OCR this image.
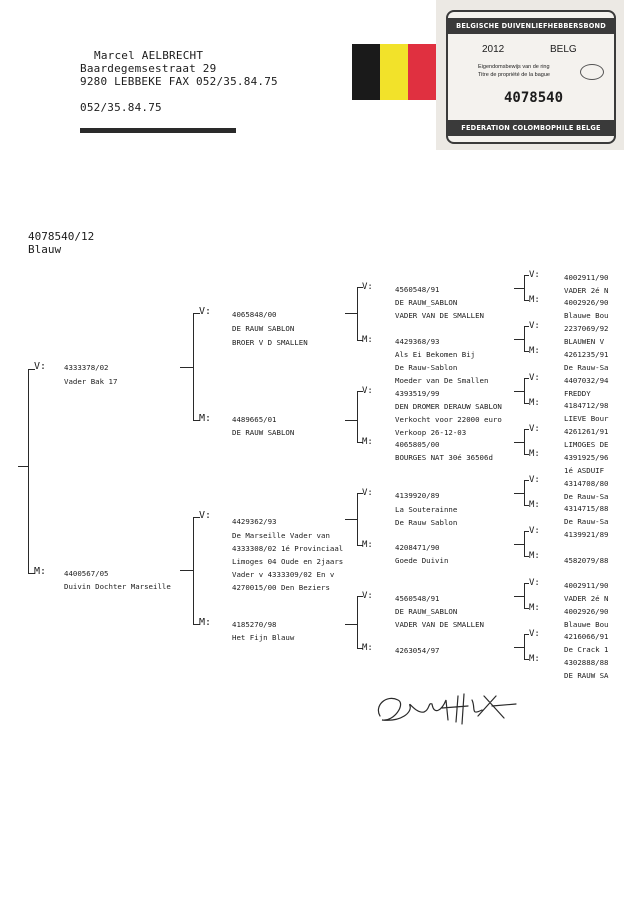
Marcel AELBRECHT
Baardegemsestraat 29
9280 LEBBEKE FAX 052/35.84.75
052/35.84.75
BELGISCHE DUIVENLIEFHEBBERSBOND
2012	BELG
Eigendomsbewijs van de ring
Titre de propriété de la bague
4078540
FEDERATION COLOMBOPHILE BELGE
4078540/12
Blauw
V:
M:
V:
M:
V:
M:
V:
M:
V:
M:
V:
M:
V:
M:
V:
M:
V:
M:
V:
M:
V:
M:
V:
M:
V:
M:
V:
M:
V:
M:
4333378/02
Vader Bak 17
4400567/05
Duivin Dochter Marseille
4065848/00
DE RAUW SABLON
BROER V D SMALLEN
4489665/01
DE RAUW SABLON
4429362/93
De Marseille Vader van
4333308/02 1é Provinciaal
Limoges 04 Oude en 2jaars
Vader v 4333309/02 En v
4270015/00 Den Beziers
4185270/98
Het Fijn Blauw
4560548/91
DE RAUW_SABLON
VADER VAN DE SMALLEN
4429368/93
Als Ei Bekomen Bij
De Rauw-Sablon
Moeder van De Smallen
4393519/99
DEN DROMER DERAUW SABLON
Verkocht voor 22000 euro
Verkoop 26-12-03
4065805/00
BOURGES NAT 30é 36506d
4139920/89
La Souterainne
De Rauw Sablon
4208471/90
Goede Duivin
4560548/91
DE RAUW_SABLON
VADER VAN DE SMALLEN
4263054/97
4002911/90
VADER 2é N
4002926/90
Blauwe Bou
2237069/92
BLAUWEN V
4261235/91
De Rauw-Sa
4407032/94
FREDDY
4184712/98
LIEVE Bour
4261261/91
LIMOGES DE
4391925/96
1é ASDUIF
4314708/80
De Rauw-Sa
4314715/88
De Rauw-Sa
4139921/89
4582079/88
4002911/90
VADER 2é N
4002926/90
Blauwe Bou
4216066/91
De Crack 1
4302888/88
DE RAUW SA
